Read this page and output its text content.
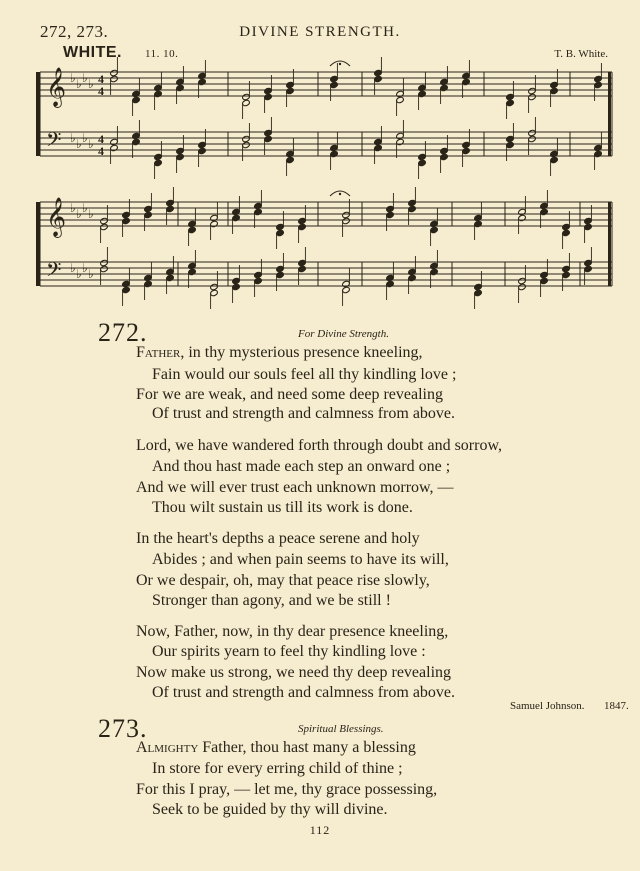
272, 273.	DIVINE STRENGTH.
WHITE. 11. 10.	T. B. White.
𝄞 ♭ ♭ ♭ ♭ 4
4
𝄢 ♭ ♭ ♭ ♭ 4
4
𝄞 ♭ ♭ ♭ ♭
𝄢 ♭ ♭ ♭ ♭
272.	For Divine Strength.
Father, in thy mysterious presence kneeling,
Fain would our souls feel all thy kindling love ;
For we are weak, and need some deep revealing
Of trust and strength and calmness from above.
Lord, we have wandered forth through doubt and sorrow,
And thou hast made each step an onward one ;
And we will ever trust each unknown morrow, —
Thou wilt sustain us till its work is done.
In the heart's depths a peace serene and holy
Abides ; and when pain seems to have its will,
Or we despair, oh, may that peace rise slowly,
Stronger than agony, and we be still !
Now, Father, now, in thy dear presence kneeling,
Our spirits yearn to feel thy kindling love :
Now make us strong, we need thy deep revealing
Of trust and strength and calmness from above.
Samuel Johnson. 1847.
273.	Spiritual Blessings.
Almighty Father, thou hast many a blessing
In store for every erring child of thine ;
For this I pray, — let me, thy grace possessing,
Seek to be guided by thy will divine.
112
